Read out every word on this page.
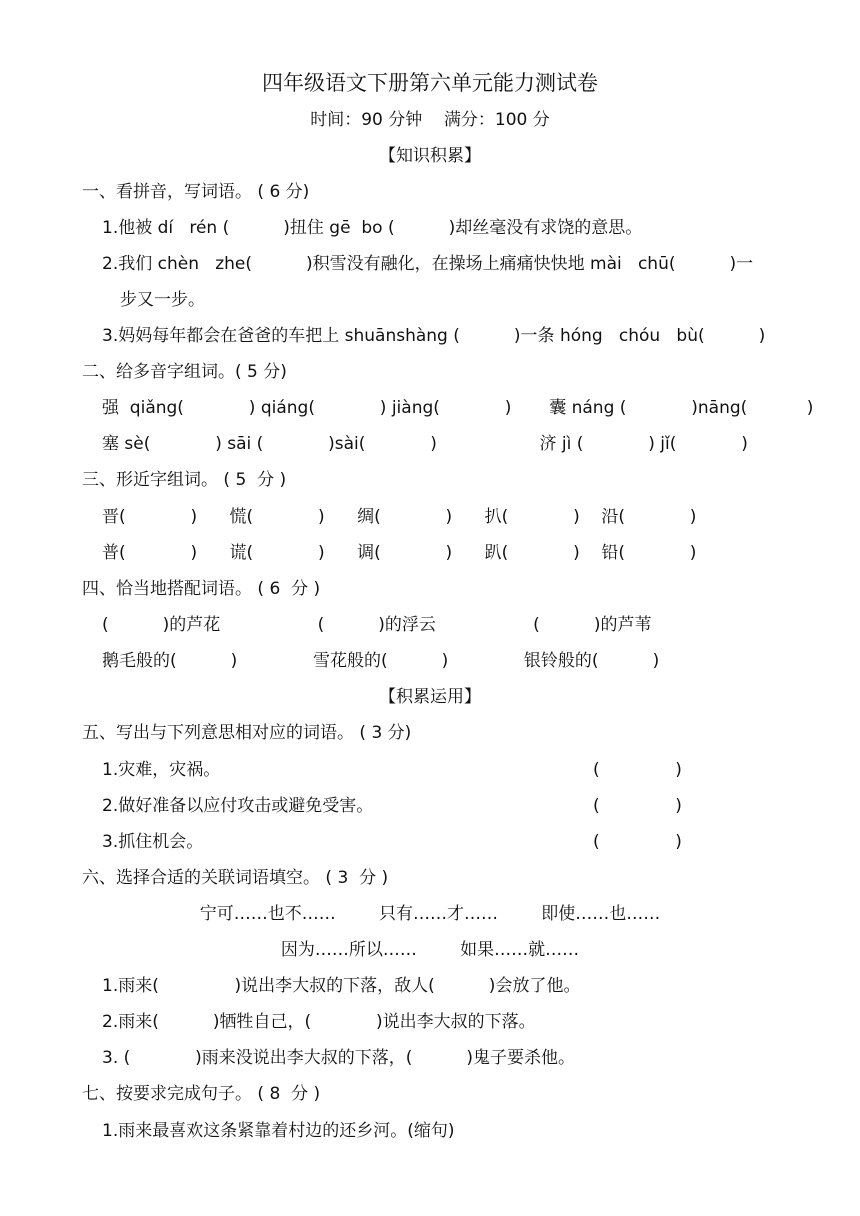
四年级语文下册第六单元能力测试卷
时间：90 分钟    满分：100 分
【知识积累】
一、看拼音，写词语。 ( 6 分)
1.他被 dí   rén (          )扭住 gē  bo (          )却丝毫没有求饶的意思。
2.我们 chèn   zhe(          )积雪没有融化，在操场上痛痛快快地 mài   chū(          )一
步又一步。
3.妈妈每年都会在爸爸的车把上 shuānshàng (          )一条 hóng   chóu   bù(          )
二、给多音字组词。( 5 分)
强  qiǎng(            ) qiáng(            ) jiàng(            )       囊 náng (            )nāng(           )
塞 sè(            ) sāi (            )sài(            )                   济 jì (            ) jǐ(            )
三、形近字组词。 ( 5  分 )
晋(            )      慌(            )      绸(            )      扒(            )    沿(            )
普(            )      谎(            )      调(            )      趴(            )    铅(            )
四、恰当地搭配词语。 ( 6  分 )
(          )的芦花                  (          )的浮云                  (          )的芦苇
鹅毛般的(          )              雪花般的(          )              银铃般的(          )
【积累运用】
五、写出与下列意思相对应的词语。 ( 3 分)
1.灾难，灾祸。	(              )
2.做好准备以应付攻击或避免受害。	(              )
3.抓住机会。	(              )
六、选择合适的关联词语填空。 ( 3  分 )
宁可……也不……        只有……才……        即使……也……
因为……所以……        如果……就……
1.雨来(              )说出李大叔的下落，敌人(          )会放了他。
2.雨来(          )牺牲自己，(            )说出李大叔的下落。
3. (            )雨来没说出李大叔的下落，(          )鬼子要杀他。
七、按要求完成句子。 ( 8  分 )
1.雨来最喜欢这条紧靠着村边的还乡河。(缩句)
